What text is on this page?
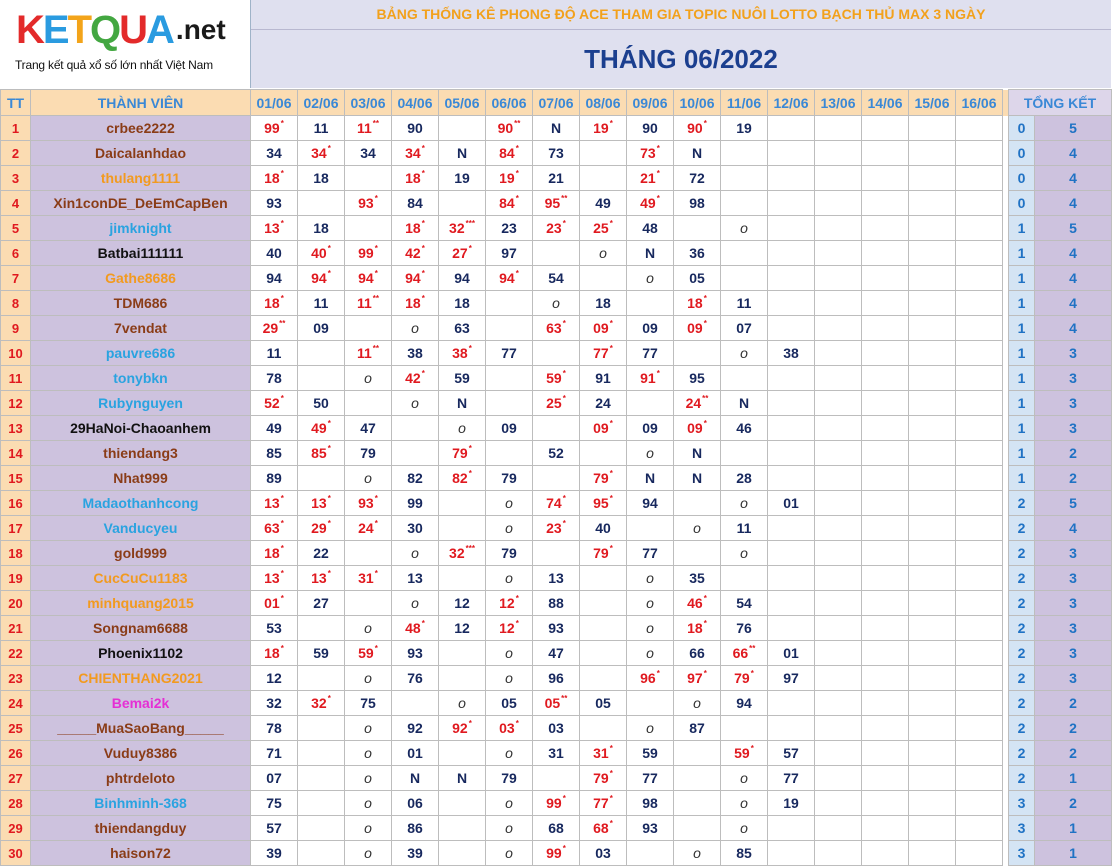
KETQUA .net
Trang kết quả xổ số lớn nhất Việt Nam
BẢNG THỐNG KÊ PHONG ĐỘ ACE THAM GIA TOPIC NUÔI LOTTO BẠCH THỦ MAX 3 NGÀY
THÁNG 06/2022
TT	THÀNH VIÊN	01/06	02/06	03/06	04/06	05/06	06/06	07/06	08/06	09/06	10/06	11/06	12/06	13/06	14/06	15/06	16/06		TỔNG KẾT	
1	crbee2222	99*	11	11**	90		90**	N	19*	90	90*	19							0	5
2	Daicalanhdao	34	34*	34	34*	N	84*	73		73*	N								0	4
3	thulang1111	18*	18		18*	19	19*	21		21*	72								0	4
4	Xin1conDE_DeEmCapBen	93		93*	84		84*	95**	49	49*	98								0	4
5	jimknight	13*	18		18*	32***	23	23*	25*	48		o							1	5
6	Batbai111111	40	40*	99*	42*	27*	97		o	N	36								1	4
7	Gathe8686	94	94*	94*	94*	94	94*	54		o	05								1	4
8	TDM686	18*	11	11**	18*	18		o	18		18*	11							1	4
9	7vendat	29**	09		o	63		63*	09*	09	09*	07							1	4
10	pauvre686	11		11**	38	38*	77		77*	77		o	38						1	3
11	tonybkn	78		o	42*	59		59*	91	91*	95								1	3
12	Rubynguyen	52*	50		o	N		25*	24		24**	N							1	3
13	29HaNoi-Chaoanhem	49	49*	47		o	09		09*	09	09*	46							1	3
14	thiendang3	85	85*	79		79*		52		o	N								1	2
15	Nhat999	89		o	82	82*	79		79*	N	N	28							1	2
16	Madaothanhcong	13*	13*	93*	99		o	74*	95*	94		o	01						2	5
17	Vanducyeu	63*	29*	24*	30		o	23*	40		o	11							2	4
18	gold999	18*	22		o	32***	79		79*	77		o							2	3
19	CucCuCu1183	13*	13*	31*	13		o	13		o	35								2	3
20	minhquang2015	01*	27		o	12	12*	88		o	46*	54							2	3
21	Songnam6688	53		o	48*	12	12*	93		o	18*	76							2	3
22	Phoenix1102	18*	59	59*	93		o	47		o	66	66**	01						2	3
23	CHIENTHANG2021	12		o	76		o	96		96*	97*	79*	97						2	3
24	Bemai2k	32	32*	75		o	05	05**	05		o	94							2	2
25	_____MuaSaoBang_____	78		o	92	92*	03*	03		o	87								2	2
26	Vuduy8386	71		o	01		o	31	31*	59		59*	57						2	2
27	phtrdeloto	07		o	N	N	79		79*	77		o	77						2	1
28	Binhminh-368	75		o	06		o	99*	77*	98		o	19						3	2
29	thiendangduy	57		o	86		o	68	68*	93		o							3	1
30	haison72	39		o	39		o	99*	03		o	85							3	1
